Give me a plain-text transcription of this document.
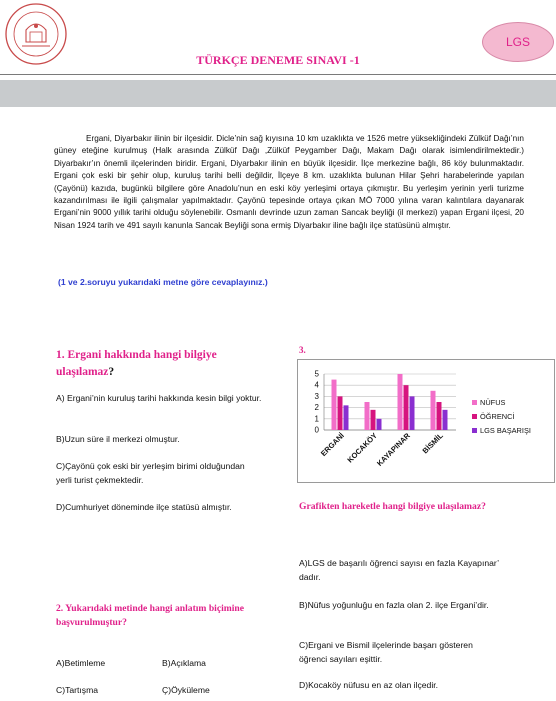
LGS
TÜRKÇE DENEME SINAVI -1
Ergani, Diyarbakır ilinin bir ilçesidir. Dicle’nin sağ kıyısına 10 km uzaklıkta ve 1526 metre yüksekliğindeki Zülküf Dağı’nın güney eteğine kurulmuş (Halk arasında Zülküf Dağı ,Zülküf Peygamber Dağı, Makam Dağı olarak isimlendirilmektedir.) Diyarbakır’ın önemli ilçelerinden biridir. Ergani, Diyarbakır ilinin en büyük ilçesidir. İlçe merkezine bağlı, 86 köy bulunmaktadır. Ergani çok eski bir şehir olup, kuruluş tarihi belli değildir, İlçeye 8 km. uzaklıkta bulunan Hilar Şehri harabelerinde yapılan (Çayönü) kazıda, bugünkü bilgilere göre Anadolu’nun en eski köy yerleşimi ortaya çıkmıştır. Bu yerleşim yerinin yerli turizme kazandırılması ile ilgili çalışmalar yapılmaktadır. Çayönü tepesinde ortaya çıkan MÖ 7000 yılına varan kalıntılara dayanarak Ergani’nin 9000 yıllık tarihi olduğu söylenebilir. Osmanlı devrinde uzun zaman Sancak beyliği (il merkezi) yapan Ergani ilçesi, 20 Nisan 1924 tarih ve 491 sayılı kanunla Sancak Beyliği sona ermiş Diyarbakır iline bağlı ilçe statüsünü almıştır.
(1 ve 2.soruyu yukarıdaki metne göre cevaplayınız.)
1. Ergani hakkında hangi bilgiye ulaşılamaz?
A) Ergani’nin kuruluş tarihi hakkında kesin bilgi yoktur.
B)Uzun süre il merkezi olmuştur.
C)Çayönü çok eski bir yerleşim birimi olduğundan yerli turist çekmektedir.
D)Cumhuriyet döneminde ilçe statüsü almıştır.
3.
0
1
2
3
4
5
ERGANİ KOCAKÖY
KAYAPINAR BİSMİL
NÜFUS
ÖĞRENCİ
LGS BAŞARIŞI
Grafikten hareketle hangi bilgiye ulaşılamaz?
A)LGS de başarılı öğrenci sayısı en fazla Kayapınar’ dadır.
B)Nüfus yoğunluğu en fazla olan 2. ilçe Ergani’dir.
C)Ergani ve Bismil ilçelerinde başarı gösteren öğrenci sayıları eşittir.
D)Kocaköy nüfusu en az olan ilçedir.
2. Yukarıdaki metinde hangi anlatım biçimine başvurulmuştur?
A)Betimleme	B)Açıklama
C)Tartışma	Ç)Öyküleme
